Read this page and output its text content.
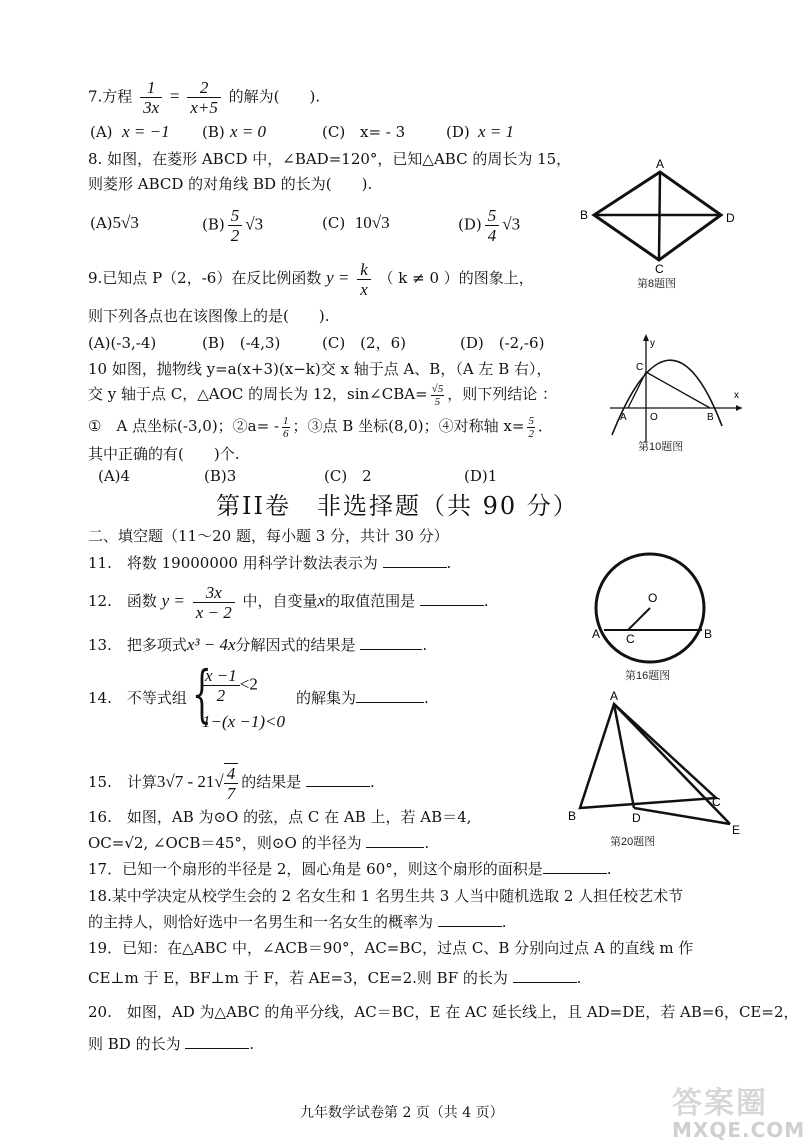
7.方程 $\frac{1}{3x} = \frac{2}{x+5}$ 的解为(　　).
(A) x = −1 (B) x = 0	(C) x= - 3	(D) x = 1
8. 如图，在菱形 ABCD 中，∠BAD=120°，已知△ABC 的周长为 15，
则菱形 ABCD 的对角线 BD 的长为(　　).
(A)5√3	$(B) \frac{5}{2} √3$	(C) 10√3	$(D) \frac{5}{4} √3$
A
B
C
D
第8题图
9.已知点 P（2，-6）在反比例函数 $y = \frac{k}{x}$ （ k ≠ 0 ）的图象上，
则下列各点也在该图像上的是(　　).
(A)(-3,-4)	(B)　(-4,3)	(C)　(2，6)	(D)　(-2,-6)
10 如图，抛物线 y=a(x+3)(x−k)交 x 轴于点 A、B，（A 左 B 右），
交 y 轴于点 C，△AOC 的周长为 12，sin∠CBA= $\frac{√5}{5}$ ，则下列结论 ：
①　A 点坐标(-3,0)；②a= - $\frac{1}{6}$ ；③点 B 坐标(8,0)；④对称轴 $x= \frac{5}{2}$ ．
其中正确的有(　　)个.
(A)4	(B)3	(C)　2	(D)1
y
C
x
A O	B
第10题图
第II卷　非选择题（共 90 分）
二、填空题（11～20 题，每小题 3 分，共计 30 分）
11.　将数 19000000 用科学计数法表示为	.
12.　函数 $y = \frac{3x}{x - 2}$ 中，自变量x的取值范围是	.
13.　把多项式x³ − 4x分解因式的结果是	.
14.　不等式组 {
$\frac{x -1}{2} <2$
1−(x −1)<0
的解集为	.
15.　计算$3√7 - 21√ \frac{4}{7}$ 的结果是	.
16.　如图，AB 为⊙O 的弦，点 C 在 AB 上，若 AB＝4,
OC=√2, ∠OCB＝45°，则⊙O 的半径为	.
O
A C	B
第16题图
A
B	D
C
E
第20题图
17．已知一个扇形的半径是 2，圆心角是 60°，则这个扇形的面积是	.
18.某中学决定从校学生会的 2 名女生和 1 名男生共 3 人当中随机选取 2 人担任校艺术节
的主持人，则恰好选中一名男生和一名女生的概率为	.
19．已知：在△ABC 中，∠ACB＝90°，AC=BC，过点 C、B 分别向过点 A 的直线 m 作
CE⊥m 于 E，BF⊥m 于 F，若 AE=3，CE=2.则 BF 的长为	.
20.　如图，AD 为△ABC 的角平分线，AC＝BC，E 在 AC 延长线上，且 AD=DE，若 AB=6，CE=2，
则 BD 的长为	.
九年数学试卷第 2 页（共 4 页）	答案圈
MXQE.COM
